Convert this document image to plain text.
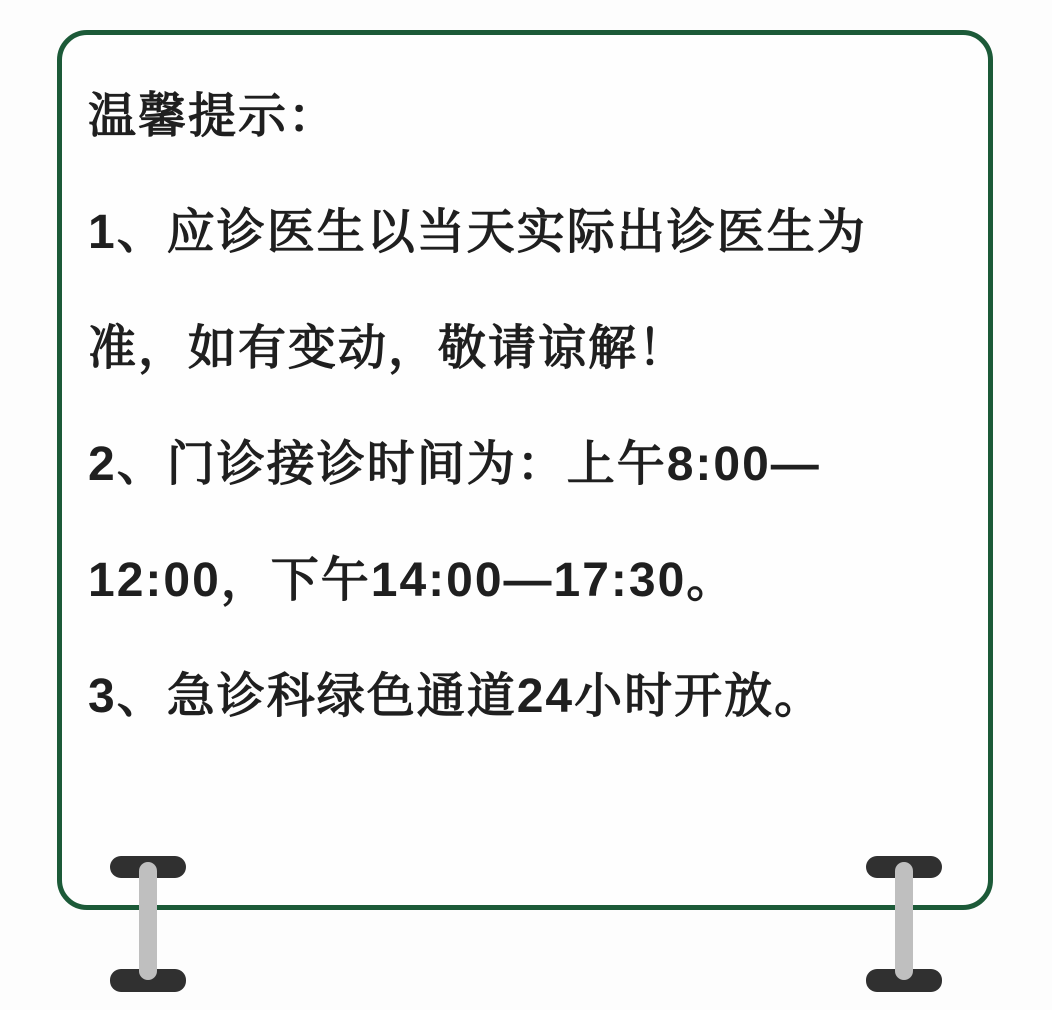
温馨提示：
1、应诊医生以当天实际出诊医生为
准，如有变动，敬请谅解！
2、门诊接诊时间为：上午8:00—
12:00，下午14:00—17:30。
3、急诊科绿色通道24小时开放。
